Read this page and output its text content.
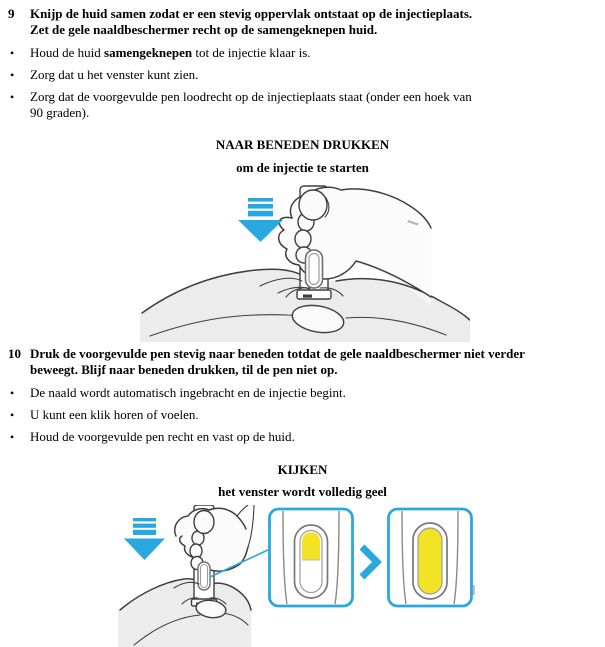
9	Knijp de huid samen zodat er een stevig oppervlak ontstaat op de injectieplaats.
Zet de gele naaldbeschermer recht op de samengeknepen huid.
•	Houd de huid samengeknepen tot de injectie klaar is.
•	Zorg dat u het venster kunt zien.
•	Zorg dat de voorgevulde pen loodrecht op de injectieplaats staat (onder een hoek van
90 graden).
NAAR BENEDEN DRUKKEN
om de injectie te starten
10 Druk de voorgevulde pen stevig naar beneden totdat de gele naaldbeschermer niet verder
beweegt. Blijf naar beneden drukken, til de pen niet op.
•	De naald wordt automatisch ingebracht en de injectie begint.
•	U kunt een klik horen of voelen.
•	Houd de voorgevulde pen recht en vast op de huid.
KIJKEN
het venster wordt volledig geel
